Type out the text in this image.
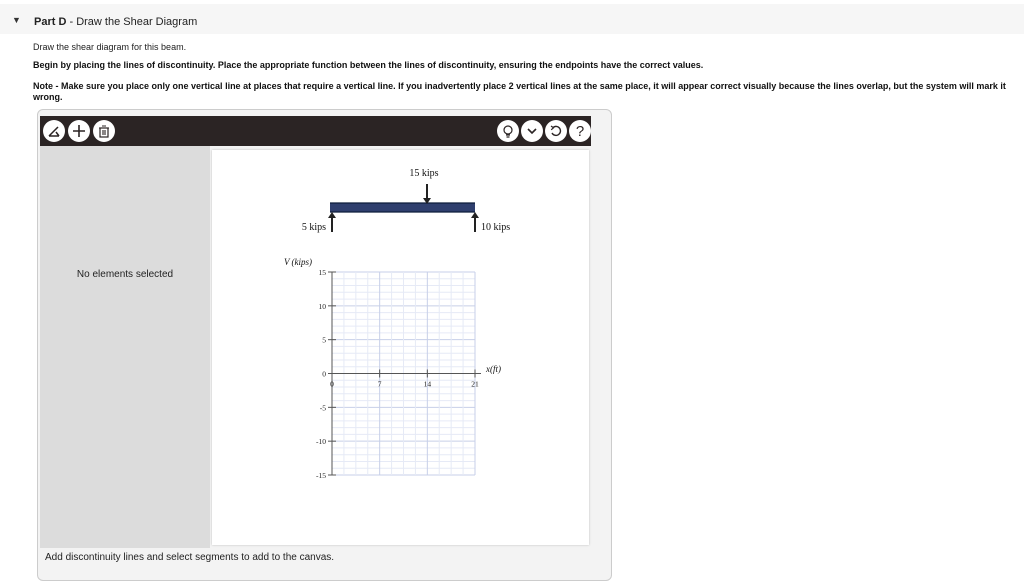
▼ Part D - Draw the Shear Diagram
Draw the shear diagram for this beam.
Begin by placing the lines of discontinuity. Place the appropriate function between the lines of discontinuity, ensuring the endpoints have the correct values.
Note - Make sure you place only one vertical line at places that require a vertical line. If you inadvertently place 2 vertical lines at the same place, it will appear correct visually because the lines overlap, but the system will mark it wrong.
?
No elements selected
15 kips
5 kips	10 kips
15
10
5
0
-5
-10
-15
0	7	14	21
V (kips)
x(ft)
Add discontinuity lines and select segments to add to the canvas.
